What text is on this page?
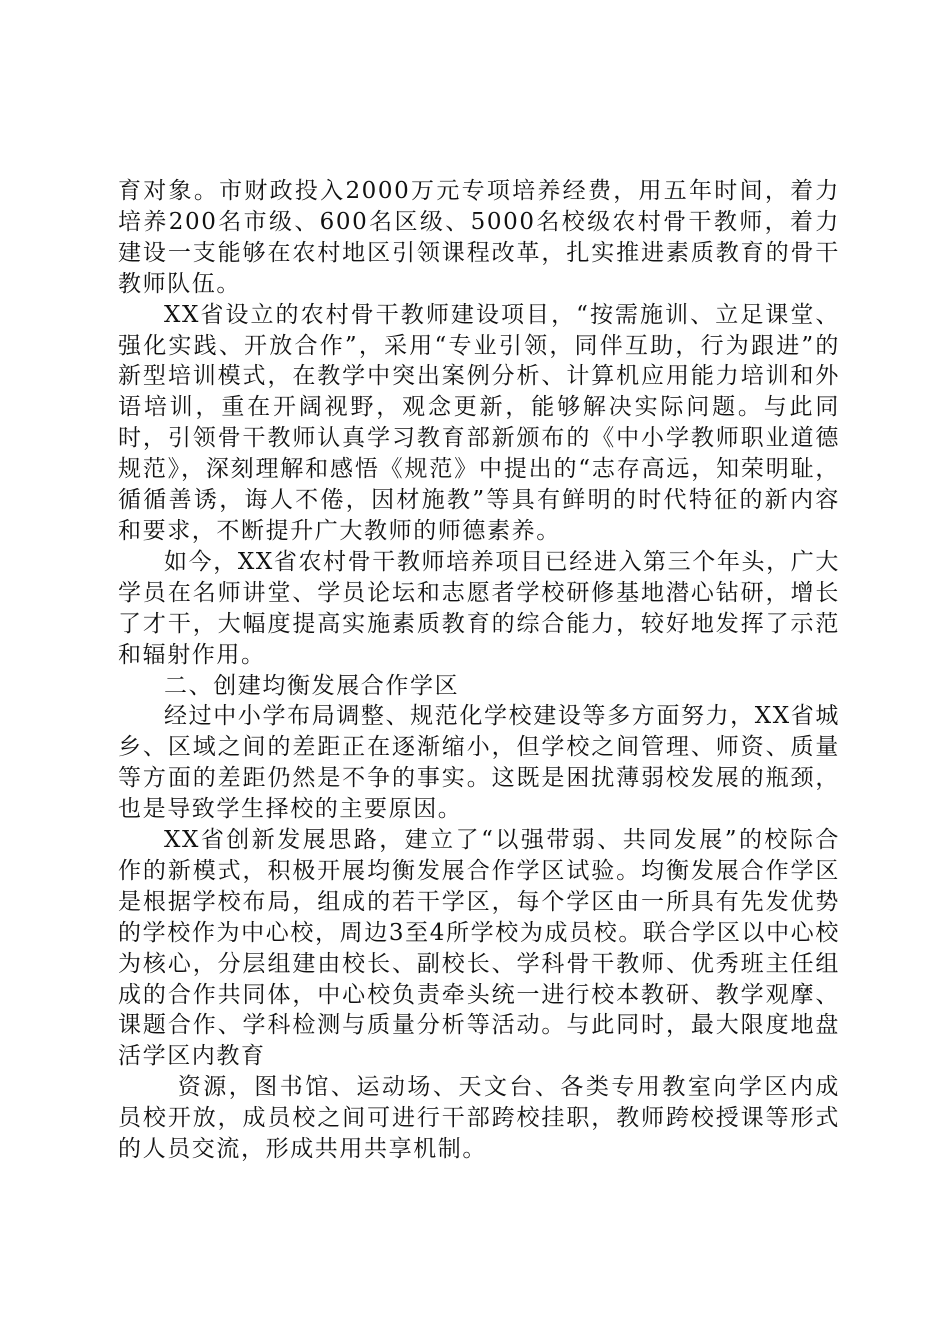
育对象。市财政投入2000万元专项培养经费，用五年时间，着力培养200名市级、600名区级、5000名校级农村骨干教师，着力建设一支能够在农村地区引领课程改革，扎实推进素质教育的骨干教师队伍。

XX省设立的农村骨干教师建设项目，“按需施训、立足课堂、强化实践、开放合作”，采用“专业引领，同伴互助，行为跟进”的新型培训模式，在教学中突出案例分析、计算机应用能力培训和外语培训，重在开阔视野，观念更新，能够解决实际问题。与此同时，引领骨干教师认真学习教育部新颁布的《中小学教师职业道德规范》，深刻理解和感悟《规范》中提出的“志存高远，知荣明耻，循循善诱，诲人不倦，因材施教”等具有鲜明的时代特征的新内容和要求，不断提升广大教师的师德素养。

如今，XX省农村骨干教师培养项目已经进入第三个年头，广大学员在名师讲堂、学员论坛和志愿者学校研修基地潜心钻研，增长了才干，大幅度提高实施素质教育的综合能力，较好地发挥了示范和辐射作用。

二、创建均衡发展合作学区

经过中小学布局调整、规范化学校建设等多方面努力，XX省城乡、区域之间的差距正在逐渐缩小，但学校之间管理、师资、质量等方面的差距仍然是不争的事实。这既是困扰薄弱校发展的瓶颈，也是导致学生择校的主要原因。

XX省创新发展思路，建立了“以强带弱、共同发展”的校际合作的新模式，积极开展均衡发展合作学区试验。均衡发展合作学区是根据学校布局，组成的若干学区，每个学区由一所具有先发优势的学校作为中心校，周边3至4所学校为成员校。联合学区以中心校为核心，分层组建由校长、副校长、学科骨干教师、优秀班主任组成的合作共同体，中心校负责牵头统一进行校本教研、教学观摩、课题合作、学科检测与质量分析等活动。与此同时，最大限度地盘活学区内教育

资源，图书馆、运动场、天文台、各类专用教室向学区内成员校开放，成员校之间可进行干部跨校挂职，教师跨校授课等形式的人员交流，形成共用共享机制。
